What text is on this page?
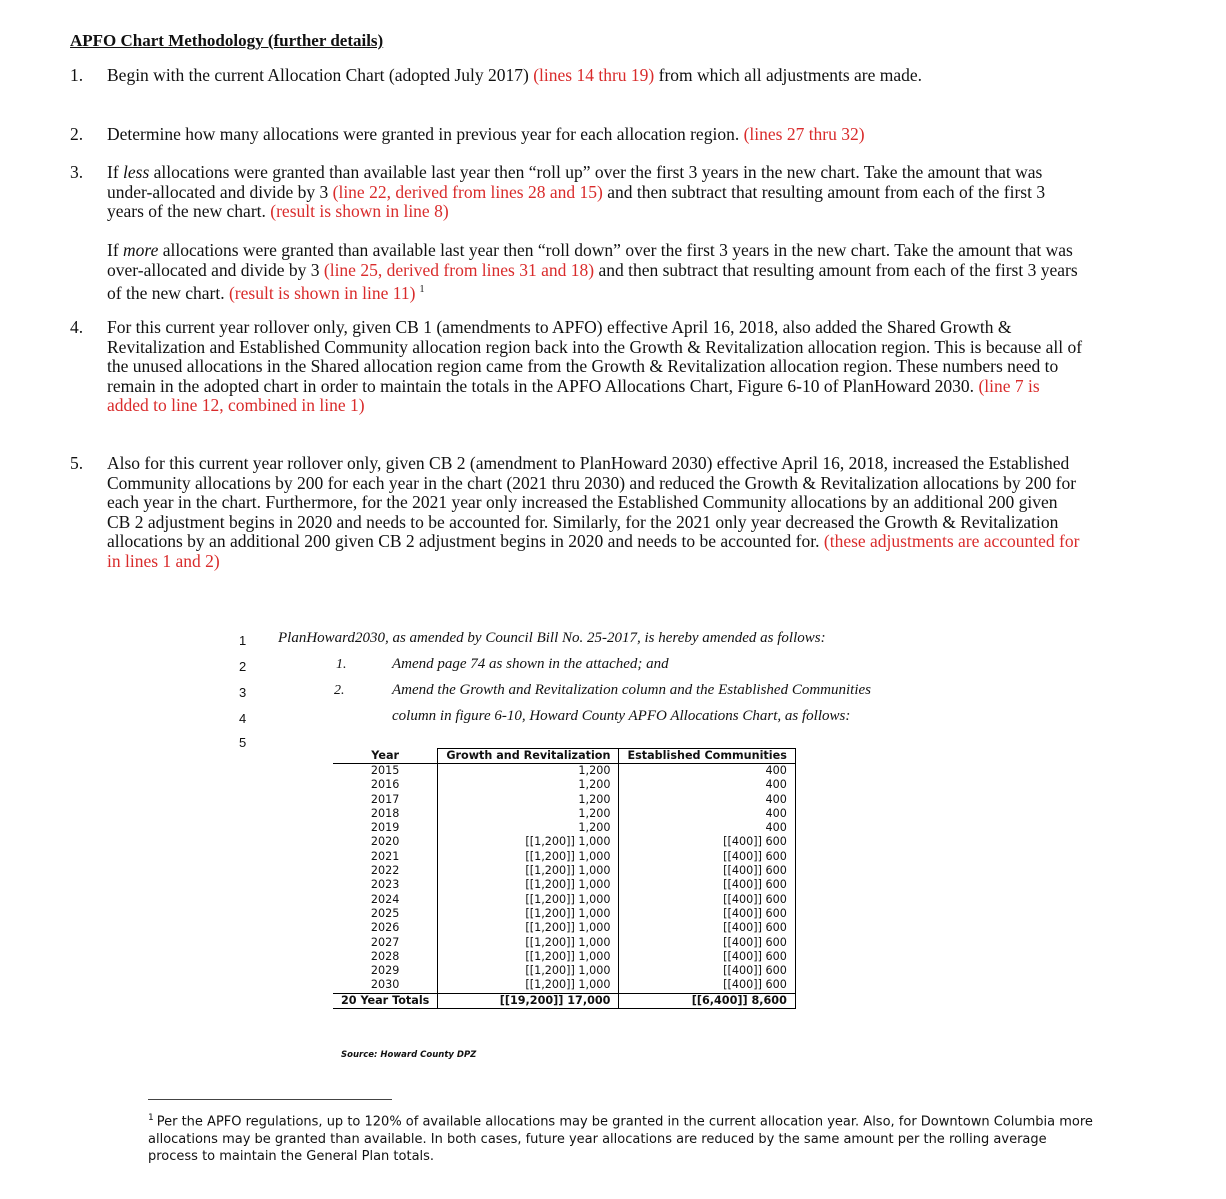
APFO Chart Methodology (further details)
1. Begin with the current Allocation Chart (adopted July 2017) (lines 14 thru 19) from which all adjustments are made.
2. Determine how many allocations were granted in previous year for each allocation region. (lines 27 thru 32)
3. If less allocations were granted than available last year then “roll up” over the first 3 years in the new chart. Take the amount that was under-allocated and divide by 3 (line 22, derived from lines 28 and 15) and then subtract that resulting amount from each of the first 3 years of the new chart. (result is shown in line 8)
If more allocations were granted than available last year then “roll down” over the first 3 years in the new chart. Take the amount that was over-allocated and divide by 3 (line 25, derived from lines 31 and 18) and then subtract that resulting amount from each of the first 3 years of the new chart. (result is shown in line 11) $^1$
4. For this current year rollover only, given CB 1 (amendments to APFO) effective April 16, 2018, also added the Shared Growth & Revitalization and Established Community allocation region back into the Growth & Revitalization allocation region. This is because all of the unused allocations in the Shared allocation region came from the Growth & Revitalization allocation region. These numbers need to remain in the adopted chart in order to maintain the totals in the APFO Allocations Chart, Figure 6-10 of PlanHoward 2030. (line 7 is added to line 12, combined in line 1)
5. Also for this current year rollover only, given CB 2 (amendment to PlanHoward 2030) effective April 16, 2018, increased the Established Community allocations by 200 for each year in the chart (2021 thru 2030) and reduced the Growth & Revitalization allocations by 200 for each year in the chart. Furthermore, for the 2021 year only increased the Established Community allocations by an additional 200 given CB 2 adjustment begins in 2020 and needs to be accounted for. Similarly, for the 2021 only year decreased the Growth & Revitalization allocations by an additional 200 given CB 2 adjustment begins in 2020 and needs to be accounted for. (these adjustments are accounted for in lines 1 and 2)
1
2
3
4
5
PlanHoward2030, as amended by Council Bill No. 25-2017, is hereby amended as follows:
1.	Amend page 74 as shown in the attached; and
2.	Amend the Growth and Revitalization column and the Established Communities
column in figure 6-10, Howard County APFO Allocations Chart, as follows:
Year	Growth and Revitalization	Established Communities
2015	1,200	400
2016	1,200	400
2017	1,200	400
2018	1,200	400
2019	1,200	400
2020	[[1,200]] 1,000	[[400]] 600
2021	[[1,200]] 1,000	[[400]] 600
2022	[[1,200]] 1,000	[[400]] 600
2023	[[1,200]] 1,000	[[400]] 600
2024	[[1,200]] 1,000	[[400]] 600
2025	[[1,200]] 1,000	[[400]] 600
2026	[[1,200]] 1,000	[[400]] 600
2027	[[1,200]] 1,000	[[400]] 600
2028	[[1,200]] 1,000	[[400]] 600
2029	[[1,200]] 1,000	[[400]] 600
2030	[[1,200]] 1,000	[[400]] 600
20 Year Totals	[[19,200]] 17,000	[[6,400]] 8,600
Source: Howard County DPZ
$^1$ Per the APFO regulations, up to 120% of available allocations may be granted in the current allocation year. Also, for Downtown Columbia more allocations may be granted than available. In both cases, future year allocations are reduced by the same amount per the rolling average process to maintain the General Plan totals.
